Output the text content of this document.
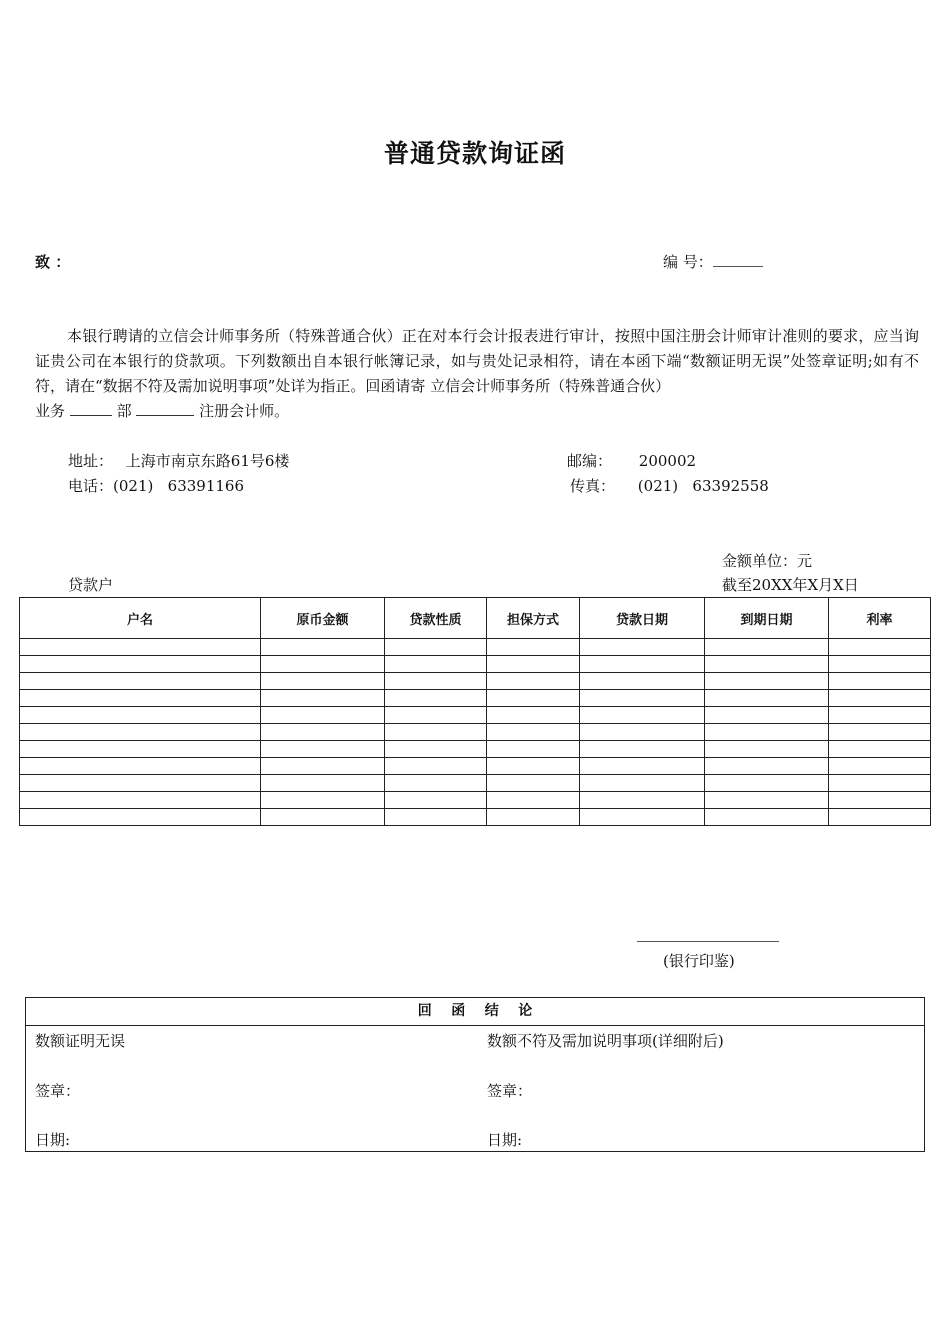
普通贷款询证函
致 ：	编 号：

本银行聘请的立信会计师事务所（特殊普通合伙）正在对本行会计报表进行审计，按照中国注册会计师审计准则的要求，应当询证贵公司在本银行的贷款项。下列数额出自本银行帐簿记录，如与贵处记录相符，请在本函下端“数额证明无误”处签章证明;如有不符，请在“数据不符及需加说明事项”处详为指正。回函请寄 立信会计师事务所（特殊普通合伙）

业务	部	注册会计师。
地址： 上海市南京东路61号6楼	邮编： 200002
电话：(021)   63391166	传真： (021)   63392558
金额单位：元
贷款户	截至20XX年X月X日
户名	原币金额	贷款性质	担保方式	贷款日期	到期日期	利率

(银行印鉴)
回    函    结    论
数额证明无误	数额不符及需加说明事项(详细附后)
签章：	签章：
日期:	日期:
